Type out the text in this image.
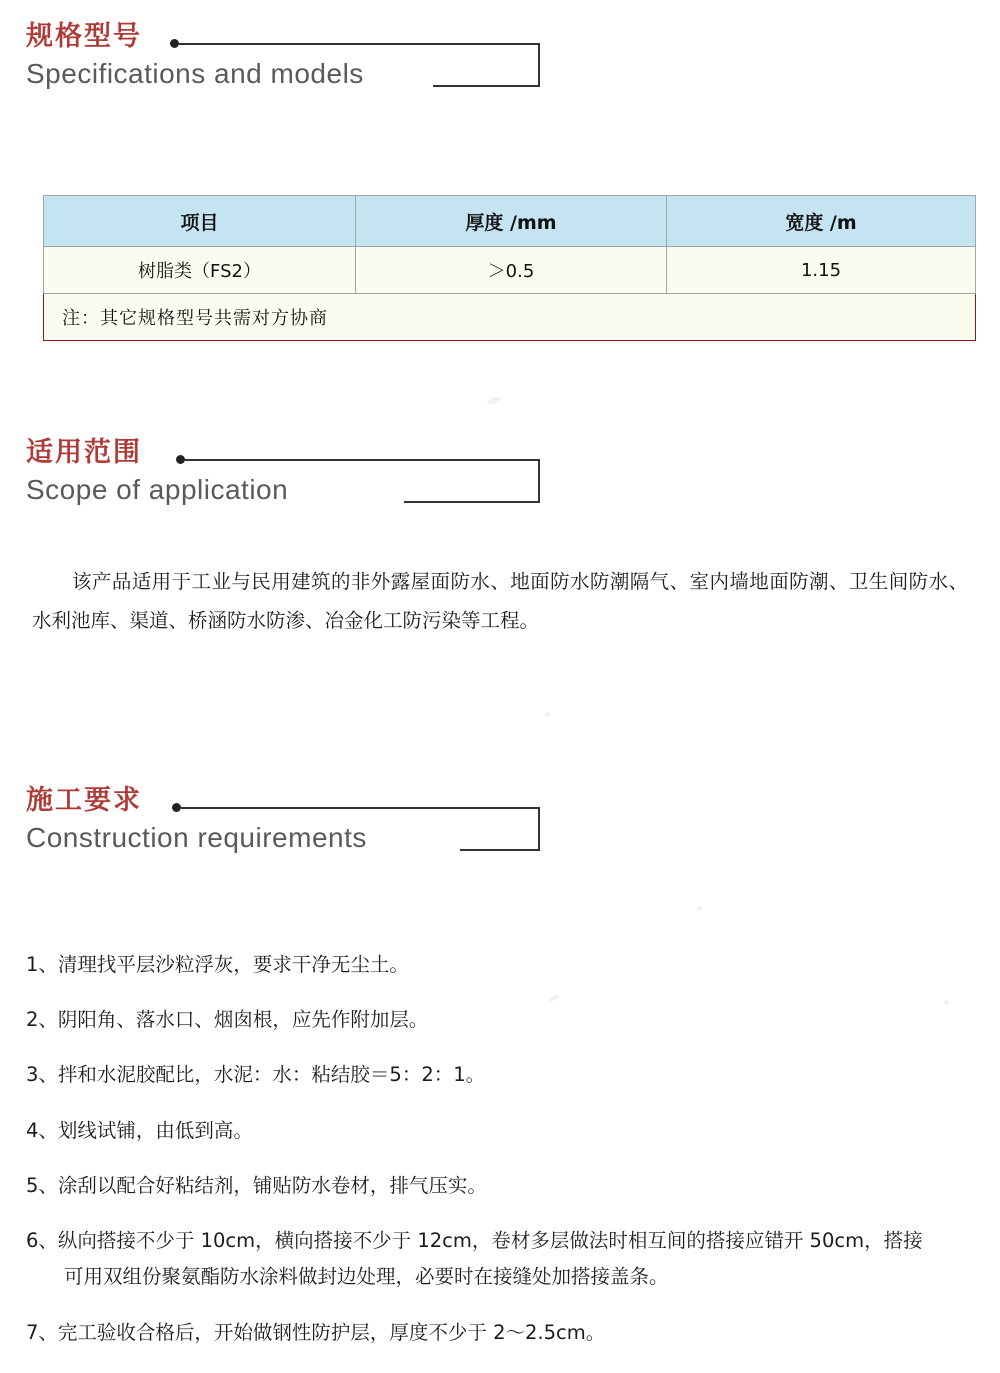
规格型号
Specifications and models
项目	厚度 /mm	宽度 /m
树脂类（FS2）	＞0.5	1.15
注：其它规格型号共需对方协商		
适用范围
Scope of application
该产品适用于工业与民用建筑的非外露屋面防水、地面防水防潮隔气、室内墙地面防潮、卫生间防水、水利池库、渠道、桥涵防水防渗、冶金化工防污染等工程。
施工要求
Construction requirements
1、清理找平层沙粒浮灰，要求干净无尘土。
2、阴阳角、落水口、烟囱根，应先作附加层。
3、拌和水泥胶配比，水泥：水：粘结胶＝5：2：1。
4、划线试铺，由低到高。
5、涂刮以配合好粘结剂，铺贴防水卷材，排气压实。
6、纵向搭接不少于 10cm，横向搭接不少于 12cm，卷材多层做法时相互间的搭接应错开 50cm，搭接
可用双组份聚氨酯防水涂料做封边处理，必要时在接缝处加搭接盖条。
7、完工验收合格后，开始做钢性防护层，厚度不少于 2～2.5cm。
